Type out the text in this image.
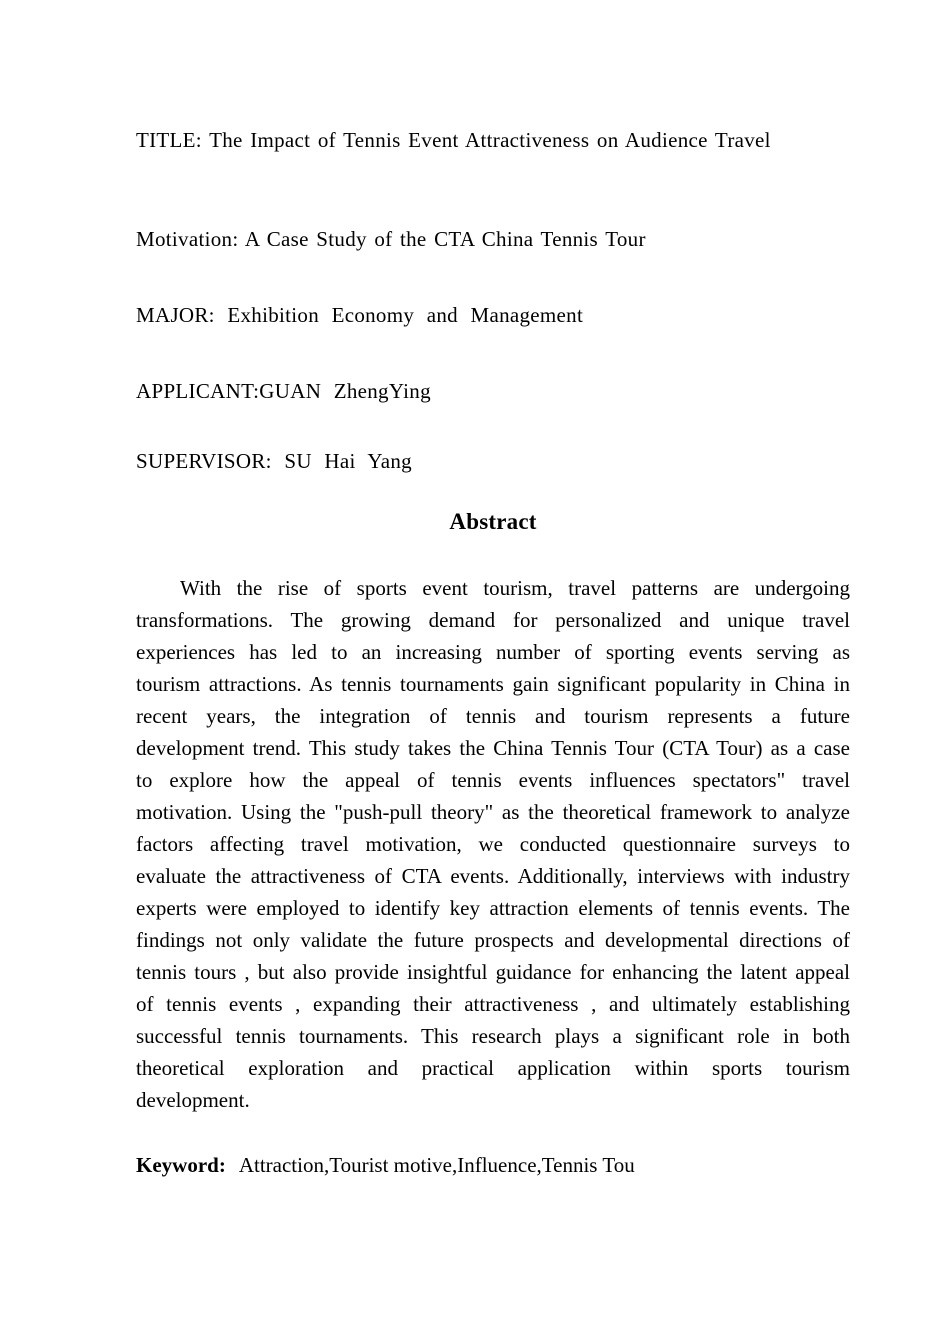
TITLE: The Impact of Tennis Event Attractiveness on Audience Travel

Motivation: A Case Study of the CTA China Tennis Tour

MAJOR: Exhibition Economy and Management

APPLICANT:GUAN ZhengYing

SUPERVISOR: SU Hai Yang

Abstract

With the rise of sports event tourism, travel patterns are undergoing transformations. The growing demand for personalized and unique travel experiences has led to an increasing number of sporting events serving as tourism attractions. As tennis tournaments gain significant popularity in China in recent years, the integration of tennis and tourism represents a future development trend. This study takes the China Tennis Tour (CTA Tour) as a case to explore how the appeal of tennis events influences spectators" travel motivation. Using the "push-pull theory" as the theoretical framework to analyze factors affecting travel motivation, we conducted questionnaire surveys to evaluate the attractiveness of CTA events. Additionally, interviews with industry experts were employed to identify key attraction elements of tennis events. The findings not only validate the future prospects and developmental directions of tennis tours , but also provide insightful guidance for enhancing the latent appeal of tennis events , expanding their attractiveness , and ultimately establishing successful tennis tournaments. This research plays a significant role in both theoretical exploration and practical application within sports tourism development.

Keyword: Attraction,Tourist motive,Influence,Tennis Tou
